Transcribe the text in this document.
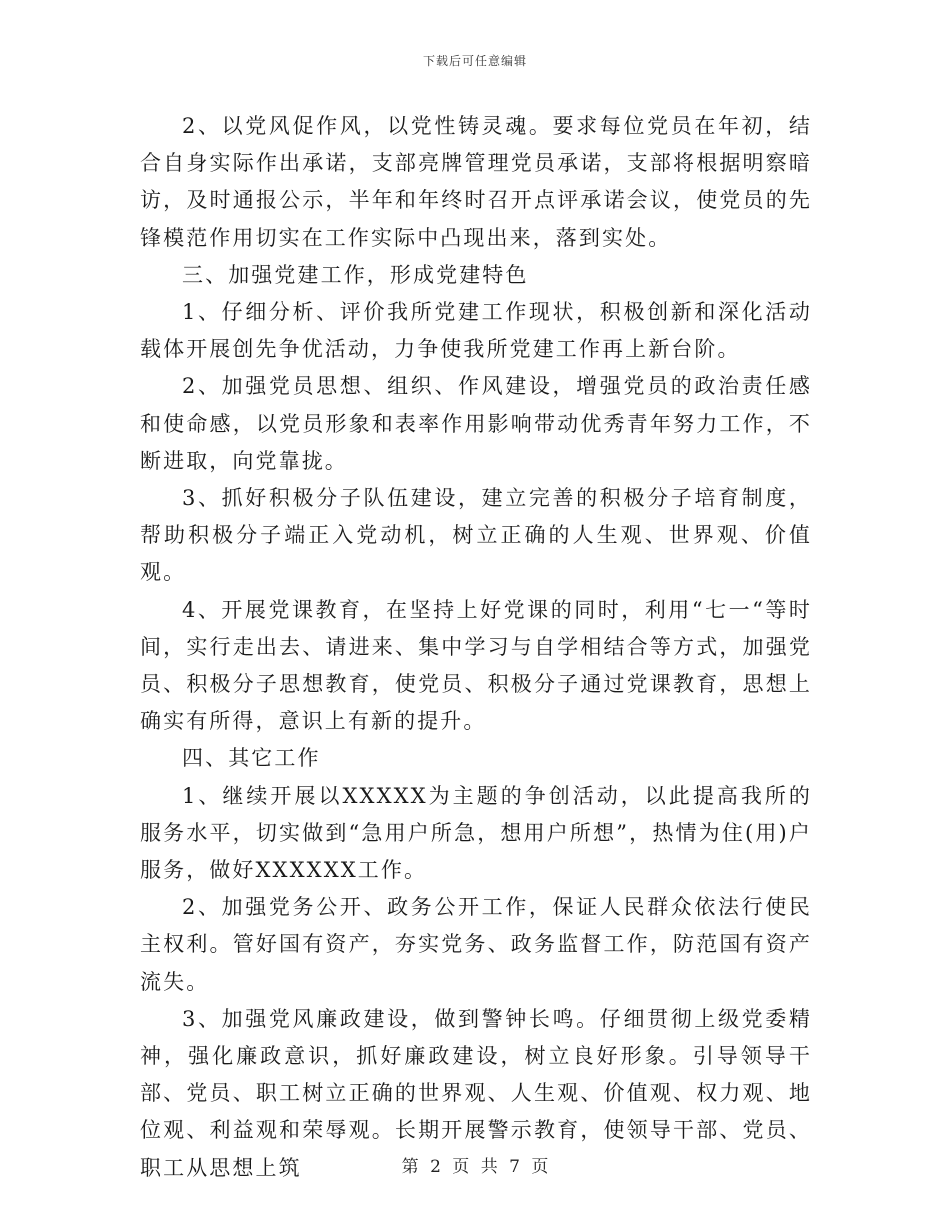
下载后可任意编辑

2、以党风促作风，以党性铸灵魂。要求每位党员在年初，结合自身实际作出承诺，支部亮牌管理党员承诺，支部将根据明察暗访，及时通报公示，半年和年终时召开点评承诺会议，使党员的先锋模范作用切实在工作实际中凸现出来，落到实处。

三、加强党建工作，形成党建特色

1、仔细分析、评价我所党建工作现状，积极创新和深化活动载体开展创先争优活动，力争使我所党建工作再上新台阶。

2、加强党员思想、组织、作风建设，增强党员的政治责任感和使命感，以党员形象和表率作用影响带动优秀青年努力工作，不断进取，向党靠拢。

3、抓好积极分子队伍建设，建立完善的积极分子培育制度，帮助积极分子端正入党动机，树立正确的人生观、世界观、价值观。

4、开展党课教育，在坚持上好党课的同时，利用“七一“等时间，实行走出去、请进来、集中学习与自学相结合等方式，加强党员、积极分子思想教育，使党员、积极分子通过党课教育，思想上确实有所得，意识上有新的提升。

四、其它工作

1、继续开展以XXXXX为主题的争创活动，以此提高我所的服务水平，切实做到“急用户所急，想用户所想”，热情为住(用)户服务，做好XXXXXX工作。

2、加强党务公开、政务公开工作，保证人民群众依法行使民主权利。管好国有资产，夯实党务、政务监督工作，防范国有资产流失。

3、加强党风廉政建设，做到警钟长鸣。仔细贯彻上级党委精神，强化廉政意识，抓好廉政建设，树立良好形象。引导领导干部、党员、职工树立正确的世界观、人生观、价值观、权力观、地位观、利益观和荣辱观。长期开展警示教育，使领导干部、党员、职工从思想上筑	第 2 页 共 7 页
